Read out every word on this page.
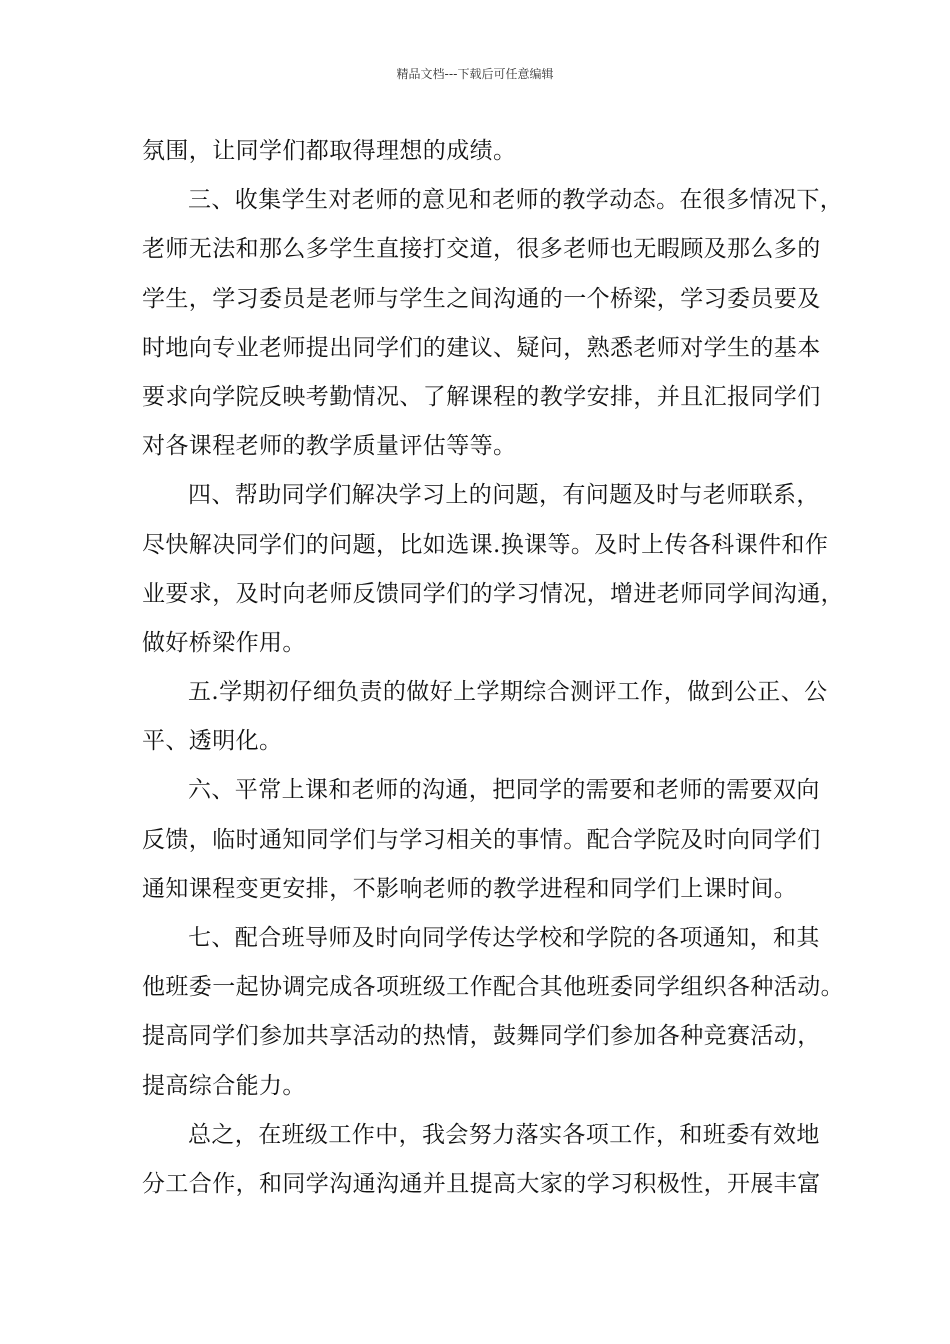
精品文档---下载后可任意编辑
氛围，让同学们都取得理想的成绩。
三、收集学生对老师的意见和老师的教学动态。在很多情况下，
老师无法和那么多学生直接打交道，很多老师也无暇顾及那么多的
学生，学习委员是老师与学生之间沟通的一个桥梁，学习委员要及
时地向专业老师提出同学们的建议、疑问，熟悉老师对学生的基本
要求向学院反映考勤情况、了解课程的教学安排，并且汇报同学们
对各课程老师的教学质量评估等等。
四、帮助同学们解决学习上的问题，有问题及时与老师联系，
尽快解决同学们的问题，比如选课.换课等。及时上传各科课件和作
业要求，及时向老师反馈同学们的学习情况，增进老师同学间沟通，
做好桥梁作用。
五.学期初仔细负责的做好上学期综合测评工作，做到公正、公
平、透明化。
六、平常上课和老师的沟通，把同学的需要和老师的需要双向
反馈，临时通知同学们与学习相关的事情。配合学院及时向同学们
通知课程变更安排，不影响老师的教学进程和同学们上课时间。
七、配合班导师及时向同学传达学校和学院的各项通知，和其
他班委一起协调完成各项班级工作配合其他班委同学组织各种活动。
提高同学们参加共享活动的热情，鼓舞同学们参加各种竞赛活动，
提高综合能力。
总之，在班级工作中，我会努力落实各项工作，和班委有效地
分工合作，和同学沟通沟通并且提高大家的学习积极性，开展丰富
